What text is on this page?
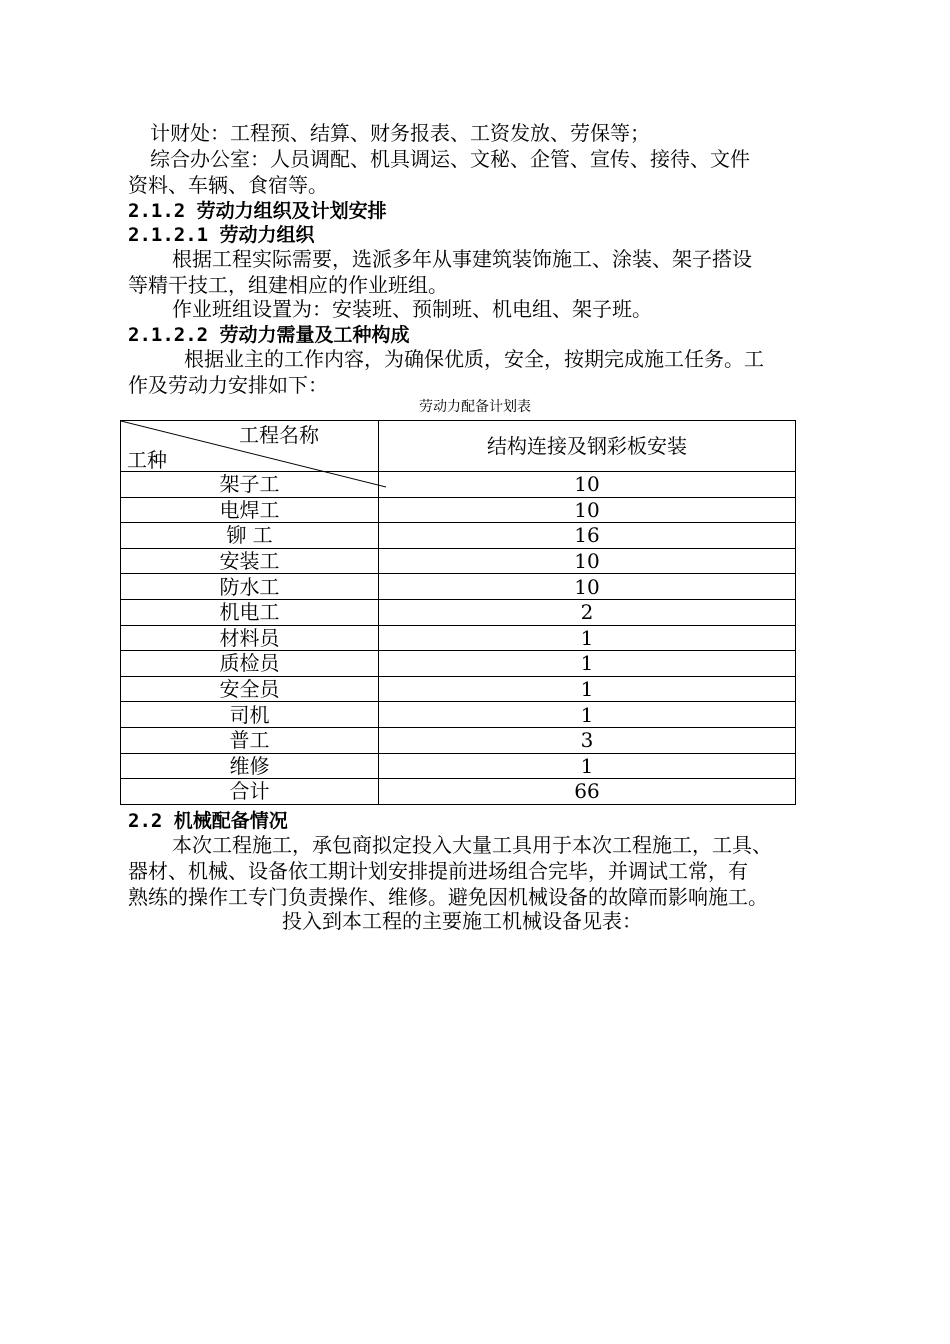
计财处：工程预、结算、财务报表、工资发放、劳保等；
综合办公室：人员调配、机具调运、文秘、企管、宣传、接待、文件
资料、车辆、食宿等。
2.1.2 劳动力组织及计划安排
2.1.2.1 劳动力组织
根据工程实际需要，选派多年从事建筑装饰施工、涂装、架子搭设
等精干技工，组建相应的作业班组。
作业班组设置为：安装班、预制班、机电组、架子班。
2.1.2.2 劳动力需量及工种构成
根据业主的工作内容，为确保优质，安全，按期完成施工任务。工
作及劳动力安排如下：
劳动力配备计划表
工程名称
工种	结构连接及钢彩板安装
架子工	10
电焊工	10
铆 工	16
安装工	10
防水工	10
机电工	2
材料员	1
质检员	1
安全员	1
司机	1
普工	3
维修	1
合计	66
2.2 机械配备情况
本次工程施工，承包商拟定投入大量工具用于本次工程施工，工具、
器材、机械、设备依工期计划安排提前进场组合完毕，并调试工常，有
熟练的操作工专门负责操作、维修。避免因机械设备的故障而影响施工。
投入到本工程的主要施工机械设备见表：
